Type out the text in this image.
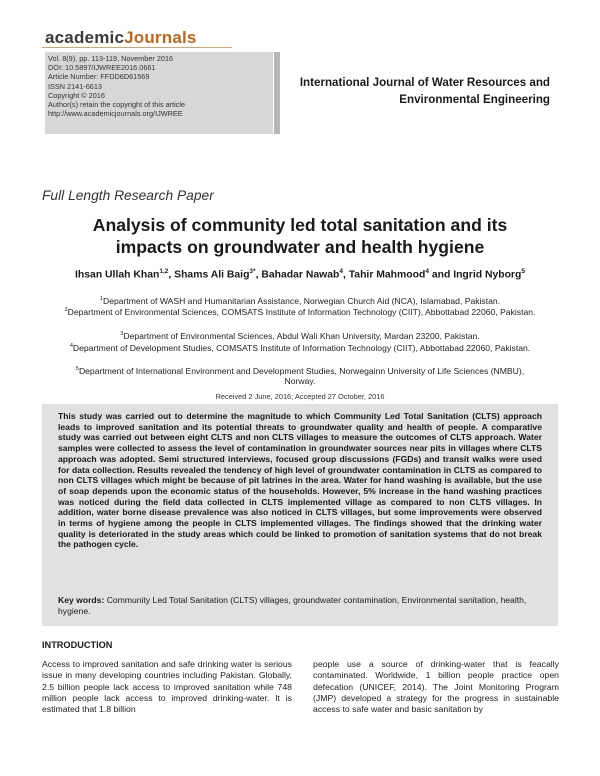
academicJournals
Vol. 8(9), pp. 113-119, November 2016
DOI: 10.5897/IJWREE2016.0661
Article Number: FFDD6D61569
ISSN 2141-6613
Copyright © 2016
Author(s) retain the copyright of this article
http://www.academicjournals.org/IJWREE
International Journal of Water Resources and
Environmental Engineering
Full Length Research Paper
Analysis of community led total sanitation and its
impacts on groundwater and health hygiene
Ihsan Ullah Khan$^{1,2}$, Shams Ali Baig$^{3*}$, Bahadar Nawab$^4$, Tahir Mahmood$^4$ and Ingrid Nyborg$^5$
$^1$Department of WASH and Humanitarian Assistance, Norwegian Church Aid (NCA), Islamabad, Pakistan.
$^2$Department of Environmental Sciences, COMSATS Institute of Information Technology (CIIT), Abbottabad 22060, Pakistan.
$^3$Department of Environmental Sciences, Abdul Wali Khan University, Mardan 23200, Pakistan.
$^4$Department of Development Studies, COMSATS Institute of Information Technology (CIIT), Abbottabad 22060, Pakistan.
$^5$Department of International Environment and Development Studies, Norwegainn University of Life Sciences (NMBU), Norway.
Received 2 June, 2016; Accepted 27 October, 2016
This study was carried out to determine the magnitude to which Community Led Total Sanitation (CLTS) approach leads to improved sanitation and its potential threats to groundwater quality and health of people. A comparative study was carried out between eight CLTS and non CLTS villages to measure the outcomes of CLTS approach. Water samples were collected to assess the level of contamination in groundwater sources near pits in villages where CLTS approach was adopted. Semi structured interviews, focused group discussions (FGDs) and transit walks were used for data collection. Results revealed the tendency of high level of groundwater contamination in CLTS as compared to non CLTS villages which might be because of pit latrines in the area. Water for hand washing is available, but the use of soap depends upon the economic status of the households. However, 5% increase in the hand washing practices was noticed during the field data collected in CLTS implemented village as compared to non CLTS villages. In addition, water borne disease prevalence was also noticed in CLTS villages, but some improvements were observed in terms of hygiene among the people in CLTS implemented villages. The findings showed that the drinking water quality is deteriorated in the study areas which could be linked to promotion of sanitation systems that do not break the pathogen cycle.
Key words: Community Led Total Sanitation (CLTS) villages, groundwater contamination, Environmental sanitation, health, hygiene.
INTRODUCTION
Access to improved sanitation and safe drinking water is serious issue in many developing countries including Pakistan. Globally, 2.5 billion people lack access to improved sanitation while 748 million people lack access to improved drinking-water. It is estimated that 1.8 billion
people use a source of drinking-water that is feacally contaminated. Worldwide, 1 billion people practice open defecation (UNICEF, 2014). The Joint Monitoring Program (JMP) developed a strategy for the progress in sustainable access to safe water and basic sanitation by
